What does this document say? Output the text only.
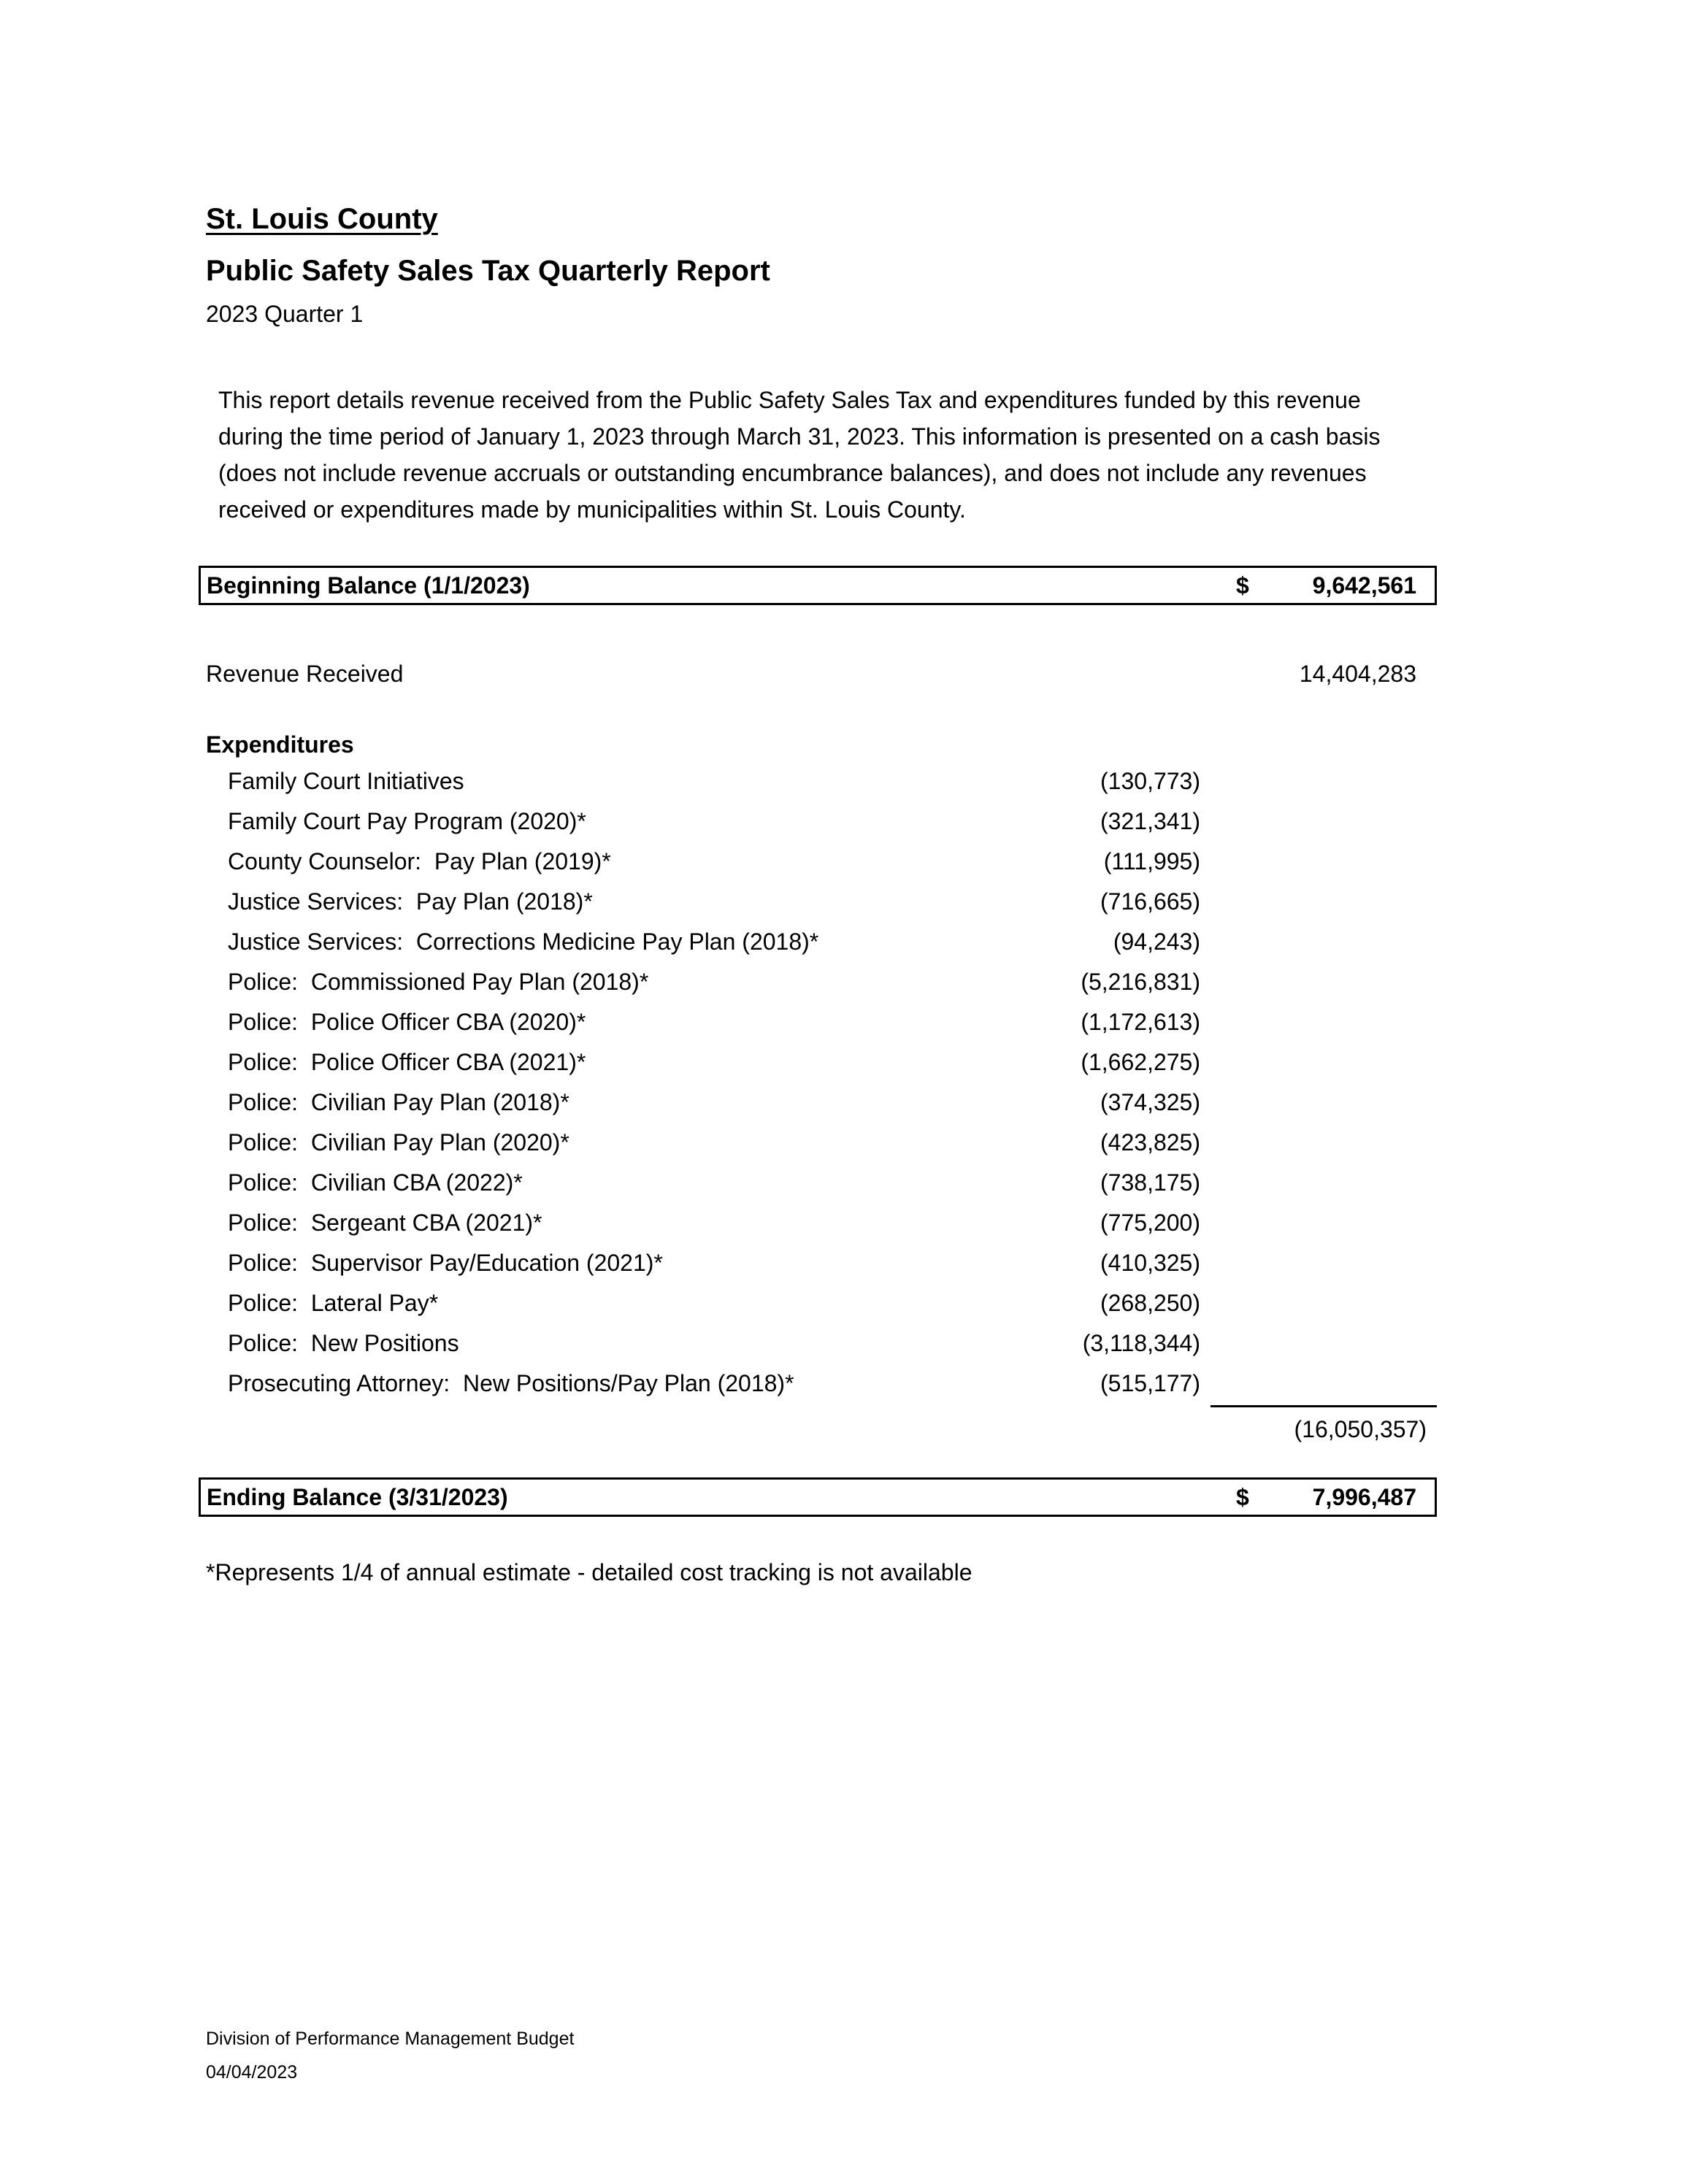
St. Louis County
Public Safety Sales Tax Quarterly Report
2023 Quarter 1

This report details revenue received from the Public Safety Sales Tax and expenditures funded by this revenue during the time period of January 1, 2023 through March 31, 2023. This information is presented on a cash basis (does not include revenue accruals or outstanding encumbrance balances), and does not include any revenues received or expenditures made by municipalities within St. Louis County.

Beginning Balance (1/1/2023)	$	9,642,561
Revenue Received	14,404,283
Expenditures
Family Court Initiatives	(130,773)
Family Court Pay Program (2020)*	(321,341)
County Counselor:  Pay Plan (2019)*	(111,995)
Justice Services:  Pay Plan (2018)*	(716,665)
Justice Services:  Corrections Medicine Pay Plan (2018)*	(94,243)
Police:  Commissioned Pay Plan (2018)*	(5,216,831)
Police:  Police Officer CBA (2020)*	(1,172,613)
Police:  Police Officer CBA (2021)*	(1,662,275)
Police:  Civilian Pay Plan (2018)*	(374,325)
Police:  Civilian Pay Plan (2020)*	(423,825)
Police:  Civilian CBA (2022)*	(738,175)
Police:  Sergeant CBA (2021)*	(775,200)
Police:  Supervisor Pay/Education (2021)*	(410,325)
Police:  Lateral Pay*	(268,250)
Police:  New Positions	(3,118,344)
Prosecuting Attorney:  New Positions/Pay Plan (2018)*	(515,177)
(16,050,357)
Ending Balance (3/31/2023)	$	7,996,487
*Represents 1/4 of annual estimate - detailed cost tracking is not available
Division of Performance Management Budget
04/04/2023
